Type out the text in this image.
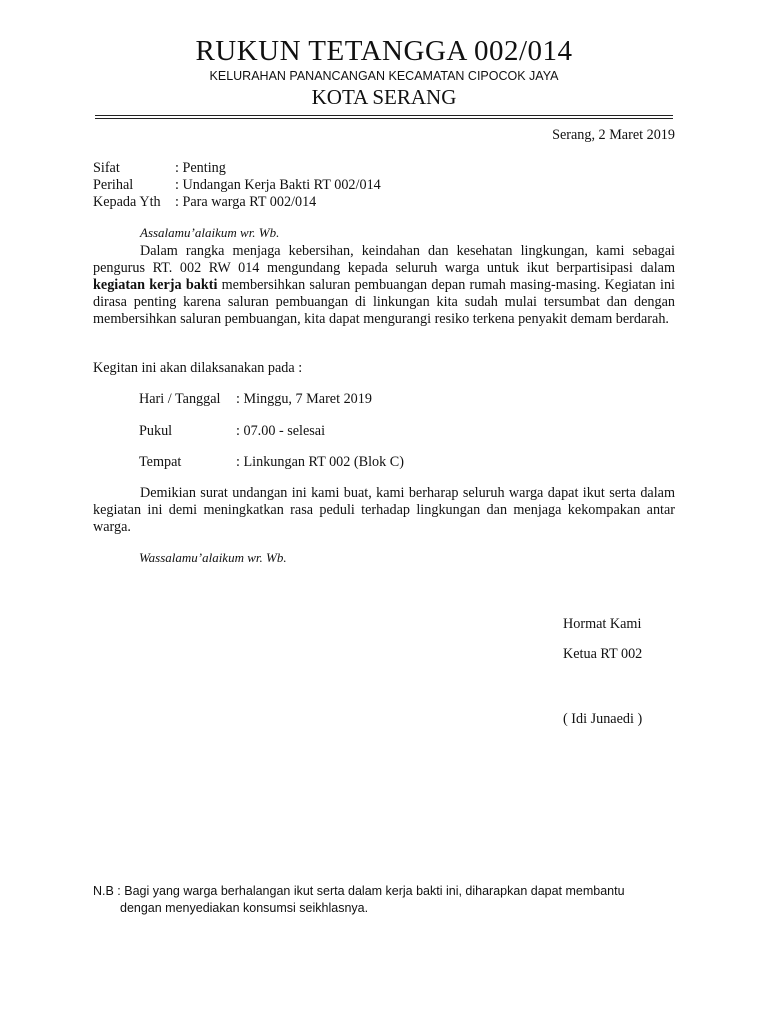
RUKUN TETANGGA 002/014
KELURAHAN PANANCANGAN KECAMATAN CIPOCOK JAYA
KOTA SERANG
Serang, 2 Maret 2019
Sifat	: Penting
Perihal	: Undangan Kerja Bakti RT 002/014
Kepada Yth : Para warga RT 002/014
Assalamu’alaikum wr. Wb.
Dalam rangka menjaga kebersihan, keindahan dan kesehatan lingkungan, kami sebagai pengurus RT. 002 RW 014 mengundang kepada seluruh warga untuk ikut berpartisipasi dalam kegiatan kerja bakti membersihkan saluran pembuangan depan rumah masing-masing. Kegiatan ini dirasa penting karena saluran pembuangan di linkungan kita sudah mulai tersumbat dan dengan membersihkan saluran pembuangan, kita dapat mengurangi resiko terkena penyakit demam berdarah.
Kegitan ini akan dilaksanakan pada :
Hari / Tanggal : Minggu, 7 Maret 2019
Pukul	: 07.00 - selesai
Tempat	: Linkungan RT 002 (Blok C)
Demikian surat undangan ini kami buat, kami berharap seluruh warga dapat ikut serta dalam kegiatan ini demi meningkatkan rasa peduli terhadap lingkungan dan menjaga kekompakan antar warga.
Wassalamu’alaikum wr. Wb.
Hormat Kami
Ketua RT 002
( Idi Junaedi )
N.B : Bagi yang warga berhalangan ikut serta dalam kerja bakti ini, diharapkan dapat membantu
dengan menyediakan konsumsi seikhlasnya.
